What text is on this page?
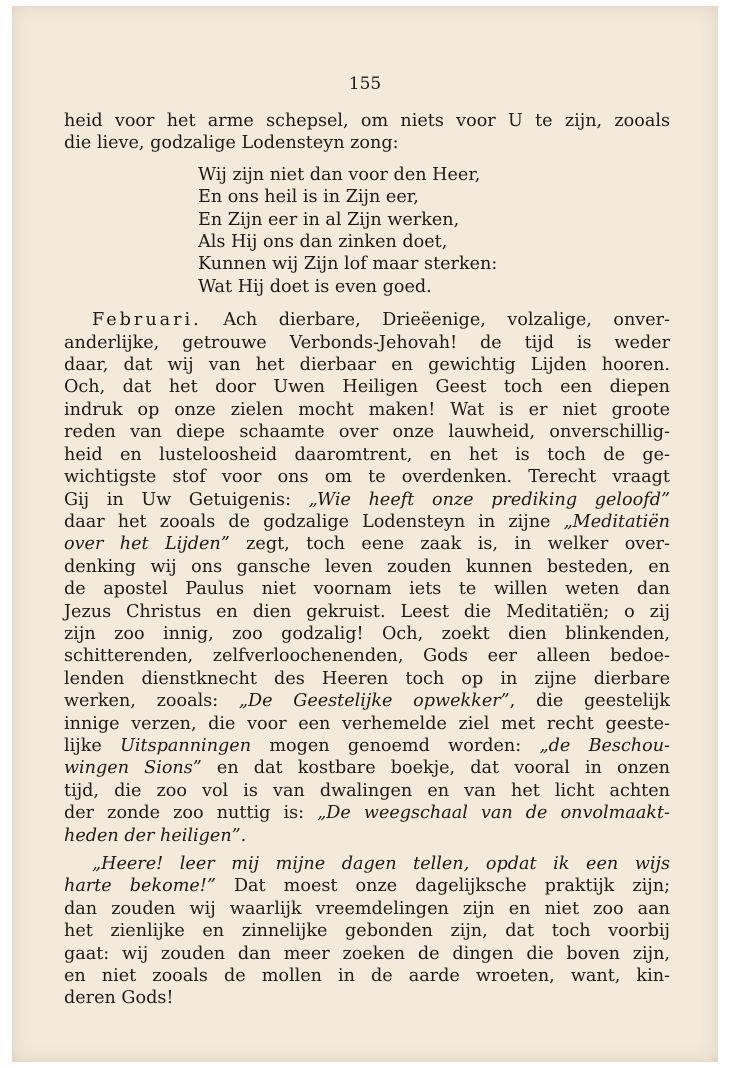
155
heid voor het arme schepsel, om niets voor U te zijn, zooals
die lieve, godzalige Lodensteyn zong:
Wij zijn niet dan voor den Heer,
En ons heil is in Zijn eer,
En Zijn eer in al Zijn werken,
Als Hij ons dan zinken doet,
Kunnen wij Zijn lof maar sterken:
Wat Hij doet is even goed.
Februari. Ach dierbare, Drieëenige, volzalige, onver-
anderlijke, getrouwe Verbonds-Jehovah! de tijd is weder
daar, dat wij van het dierbaar en gewichtig Lijden hooren.
Och, dat het door Uwen Heiligen Geest toch een diepen
indruk op onze zielen mocht maken! Wat is er niet groote
reden van diepe schaamte over onze lauwheid, onverschillig-
heid en lusteloosheid daaromtrent, en het is toch de ge-
wichtigste stof voor ons om te overdenken. Terecht vraagt
Gij in Uw Getuigenis: „Wie heeft onze prediking geloofd”
daar het zooals de godzalige Lodensteyn in zijne „Meditatiën
over het Lijden” zegt, toch eene zaak is, in welker over-
denking wij ons gansche leven zouden kunnen besteden, en
de apostel Paulus niet voornam iets te willen weten dan
Jezus Christus en dien gekruist. Leest die Meditatiën; o zij
zijn zoo innig, zoo godzalig! Och, zoekt dien blinkenden,
schitterenden, zelfverloochenenden, Gods eer alleen bedoe-
lenden dienstknecht des Heeren toch op in zijne dierbare
werken, zooals: „De Geestelijke opwekker”, die geestelijk
innige verzen, die voor een verhemelde ziel met recht geeste-
lijke Uitspanningen mogen genoemd worden: „de Beschou-
wingen Sions” en dat kostbare boekje, dat vooral in onzen
tijd, die zoo vol is van dwalingen en van het licht achten
der zonde zoo nuttig is: „De weegschaal van de onvolmaakt-
heden der heiligen”.
„Heere! leer mij mijne dagen tellen, opdat ik een wijs
harte bekome!” Dat moest onze dagelijksche praktijk zijn;
dan zouden wij waarlijk vreemdelingen zijn en niet zoo aan
het zienlijke en zinnelijke gebonden zijn, dat toch voorbij
gaat: wij zouden dan meer zoeken de dingen die boven zijn,
en niet zooals de mollen in de aarde wroeten, want, kin-
deren Gods!
